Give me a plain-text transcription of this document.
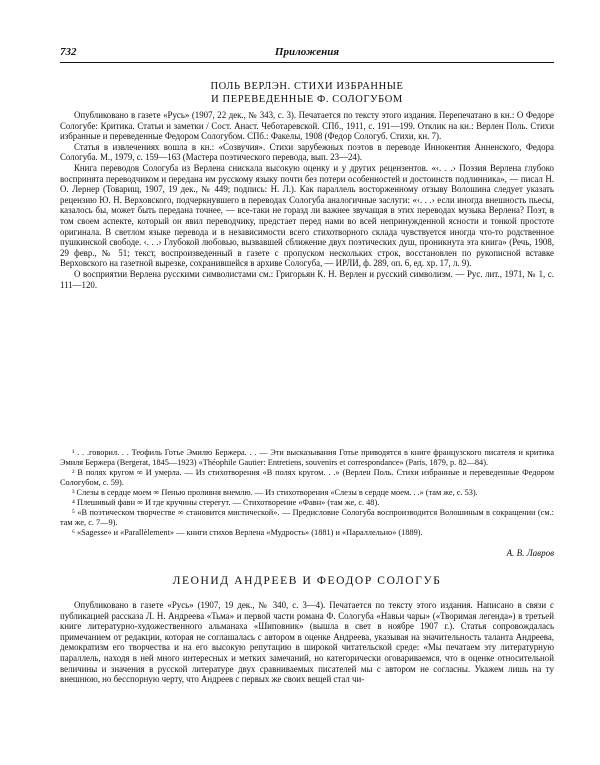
732	Приложения
ПОЛЬ ВЕРЛЭН. СТИХИ ИЗБРАННЫЕ
И ПЕРЕВЕДЕННЫЕ Ф. СОЛОГУБОМ

Опубликовано в газете «Русь» (1907, 22 дек., № 343, с. 3). Печатается по тексту этого издания. Перепечатано в кн.: О Федоре Сологубе: Критика. Статьи и заметки / Сост. Анаст. Чеботаревской. СПб., 1911, с. 191—199. Отклик на кн.: Верлен Поль. Стихи избранные и переведенные Федором Сологубом. СПб.: Факелы, 1908 (Федор Сологуб. Стихи, кн. 7).

Статья в извлечениях вошла в кн.: «Созвучия». Стихи зарубежных поэтов в переводе Иннокентия Анненского, Федора Сологуба. М., 1979, с. 159—163 (Мастера поэтического перевода, вып. 23—24).

Книга переводов Сологуба из Верлена снискала высокую оценку и у других рецензентов. «‹. . .› Поэзия Верлена глубоко воспринята переводчиком и передана им русскому языку почти без потери особенностей и достоинств подлинника», — писал Н. О. Лернер (Товарищ, 1907, 19 дек., № 449; подпись: Н. Л.). Как параллель восторженному отзыву Волошина следует указать рецензию Ю. Н. Верховского, подчеркнувшего в переводах Сологуба аналогичные заслуги: «‹. . .› если иногда внешность пьесы, казалось бы, может быть передана точнее, — все-таки не горазд ли важнее звучащая в этих переводах музыка Верлена? Поэт, в том своем аспекте, который он явил переводчику, предстает перед нами во всей непринужденной ясности и тонкой простоте оригинала. В светлом языке перевода и в независимости всего стихотворного склада чувствуется иногда что-то родственное пушкинской свободе. ‹. . .› Глубокой любовью, вызвавшей сближение двух поэтических душ, проникнута эта книга» (Речь, 1908, 29 февр., № 51; текст, воспроизведенный в газете с пропуском нескольких строк, восстановлен по рукописной вставке Верховского на газетной вырезке, сохранившейся в архиве Сологуба, — ИРЛИ, ф. 289, оп. 6, ед. хр. 17, л. 9).

О восприятии Верлена русскими символистами см.: Григорьян К. Н. Верлен и русский символизм. — Рус. лит., 1971, № 1, с. 111—120.

¹ . . .говорил. . . Теофиль Готье Эмилю Бержера. . . — Эти высказывания Готье приводятся в книге французского писателя и критика Эмиля Бержера (Bergerat, 1845—1923) «Théophile Gautier: Entretiens, souvenirs et correspondance» (Paris, 1879, p. 82—84).

² В полях кругом ∞ И умерла. — Из стихотворения «В полях кругом. . .» (Верлен Поль. Стихи избранные и переведенные Федором Сологубом, с. 59).

³ Слезы в сердце моем ∞ Пенью проливня внемлю. — Из стихотворения «Слезы в сердце моем. . .» (там же, с. 53).

⁴ Плешивый фавн ∞ И где кручины стерегут. — Стихотворение «Фавн» (там же, с. 48).

⁵ «В поэтическом творчестве ∞ становится мистической». — Предисловие Сологуба воспроизводится Волошиным в сокращении (см.: там же, с. 7—9).

⁶ «Sagesse» и «Parallèlement» — книги стихов Верлена «Мудрость» (1881) и «Параллельно» (1889).

А. В. Лавров
ЛЕОНИД АНДРЕЕВ И ФЕОДОР СОЛОГУБ

Опубликовано в газете «Русь» (1907, 19 дек., № 340, с. 3—4). Печатается по тексту этого издания. Написано в связи с публикацией рассказа Л. Н. Андреева «Тьма» и первой части романа Ф. Сологуба «Навьи чары» («Творимая легенда») в третьей книге литературно-художественного альманаха «Шиповник» (вышла в свет в ноябре 1907 г.). Статья сопровождалась примечанием от редакции, которая не соглашалась с автором в оценке Андреева, указывая на значительность таланта Андреева, демократизм его творчества и на его высокую репутацию в широкой читательской среде: «Мы печатаем эту литературную параллель, находя в ней много интересных и метких замечаний, но категорически оговариваемся, что в оценке относительной величины и значения в русской литературе двух сравниваемых писателей мы с автором не согласны. Укажем лишь на ту внешнюю, но бесспорную черту, что Андреев с первых же своих вещей стал чи-
